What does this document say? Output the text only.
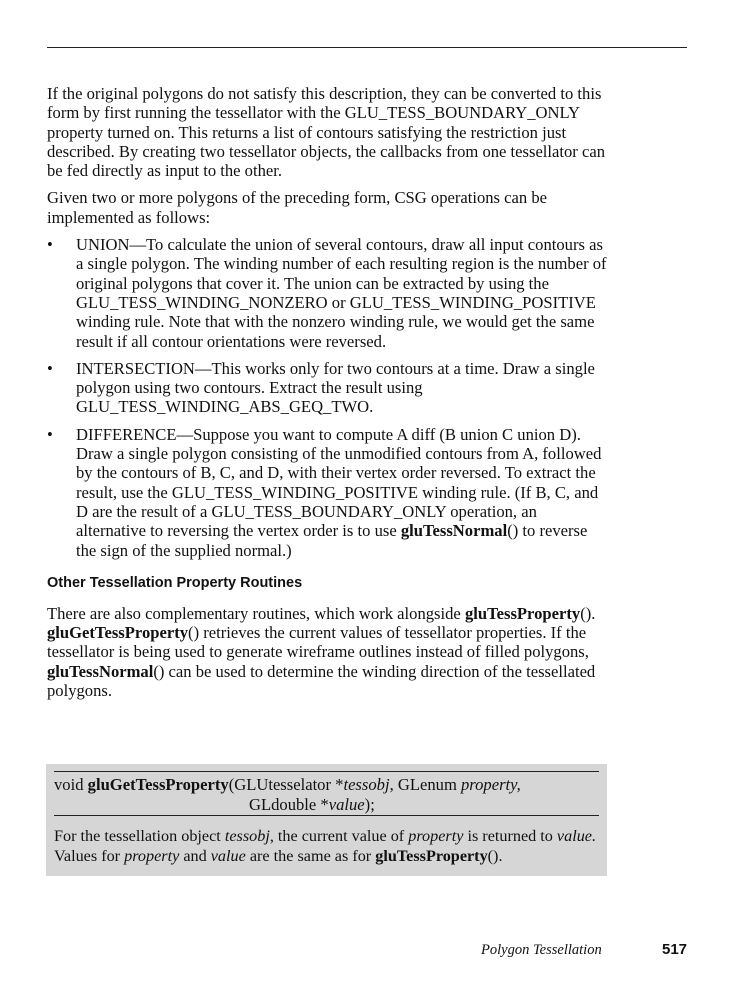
If the original polygons do not satisfy this description, they can be converted to this form by first running the tessellator with the GLU_TESS_BOUNDARY_ONLY property turned on. This returns a list of contours satisfying the restriction just described. By creating two tessellator objects, the callbacks from one tessellator can be fed directly as input to the other.

Given two or more polygons of the preceding form, CSG operations can be implemented as follows:

• UNION—To calculate the union of several contours, draw all input contours as a single polygon. The winding number of each resulting region is the number of original polygons that cover it. The union can be extracted by using the GLU_TESS_WINDING_NONZERO or GLU_TESS_WINDING_POSITIVE winding rule. Note that with the nonzero winding rule, we would get the same result if all contour orientations were reversed.
• INTERSECTION—This works only for two contours at a time. Draw a single polygon using two contours. Extract the result using GLU_TESS_WINDING_ABS_GEQ_TWO.
• DIFFERENCE—Suppose you want to compute A diff (B union C union D). Draw a single polygon consisting of the unmodified contours from A, followed by the contours of B, C, and D, with their vertex order reversed. To extract the result, use the GLU_TESS_WINDING_POSITIVE winding rule. (If B, C, and D are the result of a GLU_TESS_BOUNDARY_ONLY operation, an alternative to reversing the vertex order is to use gluTessNormal() to reverse the sign of the supplied normal.)
Other Tessellation Property Routines

There are also complementary routines, which work alongside gluTessProperty(). gluGetTessProperty() retrieves the current values of tessellator properties. If the tessellator is being used to generate wireframe outlines instead of filled polygons, gluTessNormal() can be used to determine the winding direction of the tessellated polygons.

void gluGetTessProperty(GLUtesselator *tessobj, GLenum property,
GLdouble *value);
For the tessellation object tessobj, the current value of property is returned to value. Values for property and value are the same as for gluTessProperty().
Polygon Tessellation	517
